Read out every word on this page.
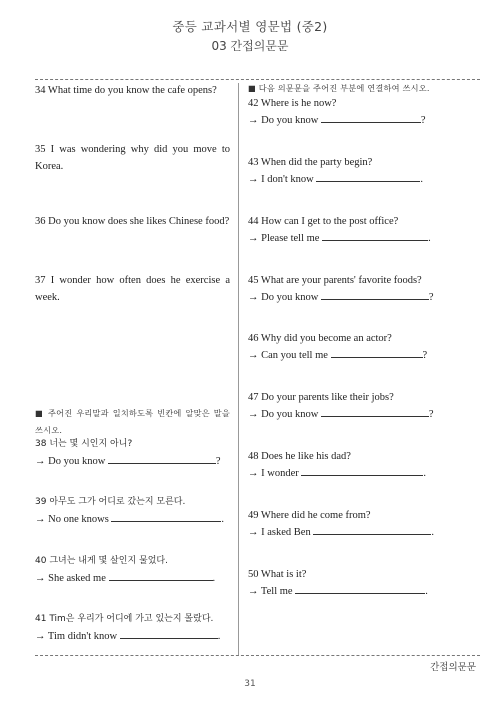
중등 교과서별 영문법 (중2)
03 간접의문문
34 What time do you know the cafe opens?
35 I was wondering why did you move to Korea.
36 Do you know does she likes Chinese food?
37 I wonder how often does he exercise a week.
■ 주어진 우리말과 일치하도록 빈칸에 알맞은 말을 쓰시오.
38 너는 몇 시인지 아니?
→ Do you know	?
39 아무도 그가 어디로 갔는지 모른다.
→ No one knows	.
40 그녀는 내게 몇 살인지 물었다.
→ She asked me	.
41 Tim은 우리가 어디에 가고 있는지 몰랐다.
→ Tim didn't know	.
■ 다음 의문문을 주어진 부분에 연결하여 쓰시오.
42 Where is he now?
→ Do you know	?
43 When did the party begin?
→ I don't know	.
44 How can I get to the post office?
→ Please tell me	.
45 What are your parents' favorite foods?
→ Do you know	?
46 Why did you become an actor?
→ Can you tell me	?
47 Do your parents like their jobs?
→ Do you know	?
48 Does he like his dad?
→ I wonder	.
49 Where did he come from?
→ I asked Ben	.
50 What is it?
→ Tell me	.
간접의문문
31
